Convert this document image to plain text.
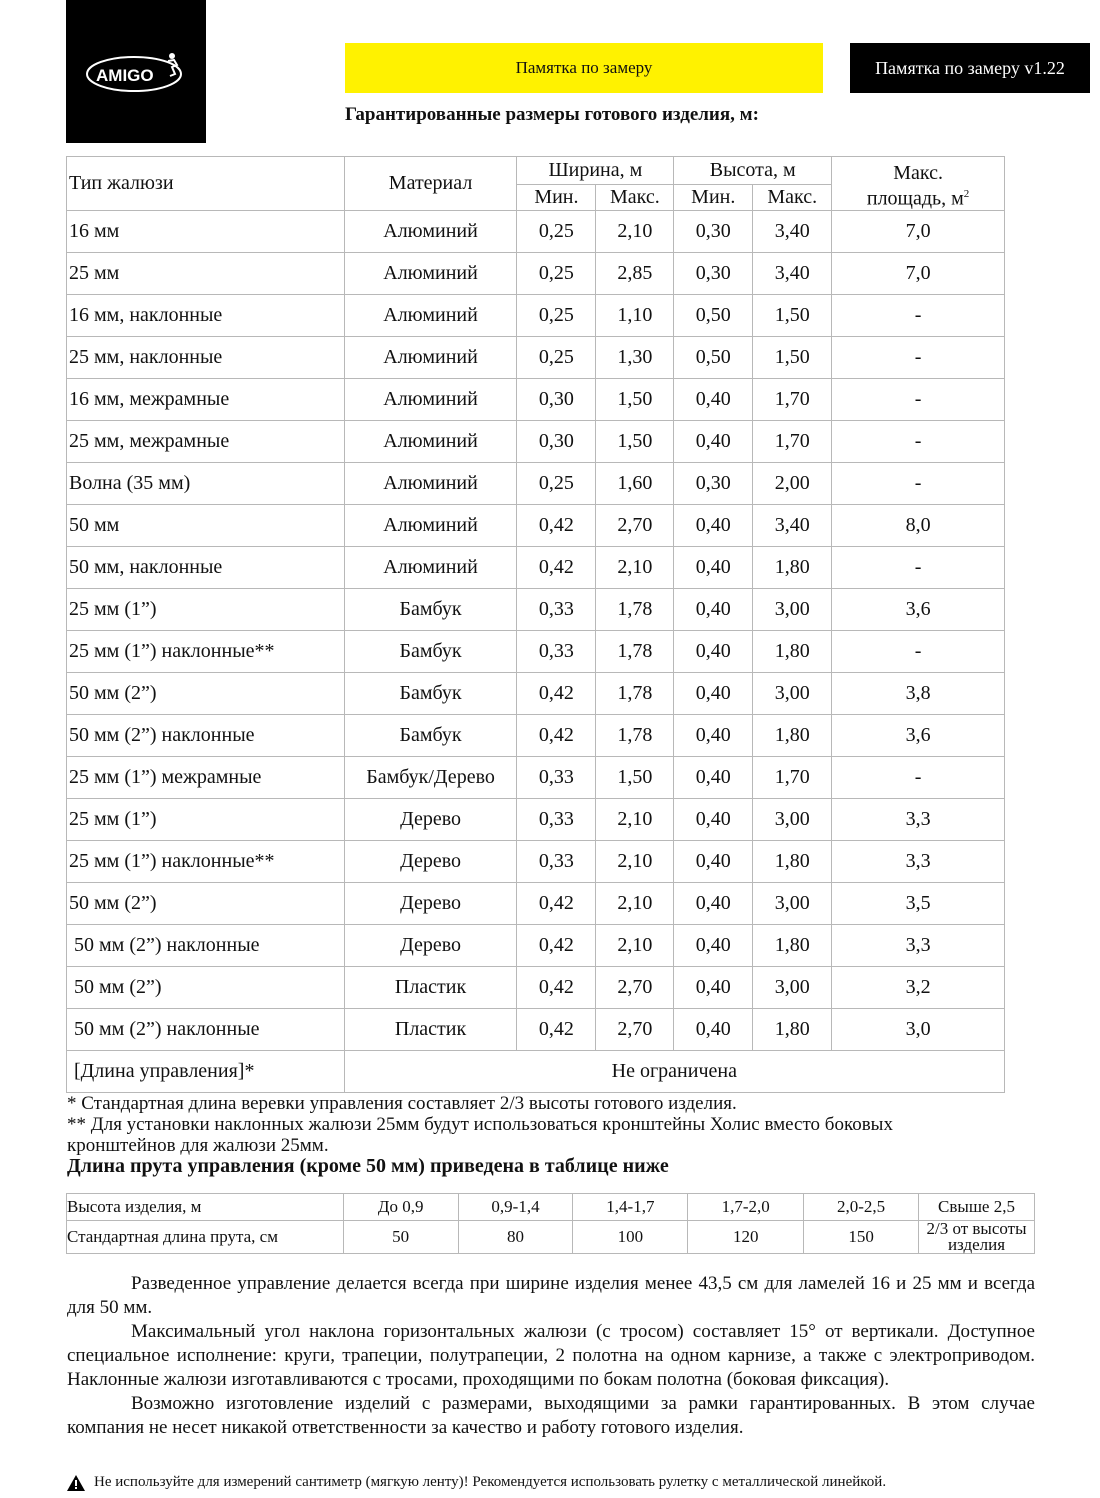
AMIGO	Памятка по замеру	Памятка по замеру v1.22
Гарантированные размеры готового изделия, м:
Тип жалюзи	Материал	Ширина, м		Высота, м		Макс.
площадь, $м^2$
		Мин.	Макс.	Мин.	Макс.	
16 мм	Алюминий	0,25	2,10	0,30	3,40	7,0
25 мм	Алюминий	0,25	2,85	0,30	3,40	7,0
16 мм, наклонные	Алюминий	0,25	1,10	0,50	1,50	-
25 мм, наклонные	Алюминий	0,25	1,30	0,50	1,50	-
16 мм, межрамные	Алюминий	0,30	1,50	0,40	1,70	-
25 мм, межрамные	Алюминий	0,30	1,50	0,40	1,70	-
Волна (35 мм)	Алюминий	0,25	1,60	0,30	2,00	-
50 мм	Алюминий	0,42	2,70	0,40	3,40	8,0
50 мм, наклонные	Алюминий	0,42	2,10	0,40	1,80	-
25 мм (1”)	Бамбук	0,33	1,78	0,40	3,00	3,6
25 мм (1”) наклонные**	Бамбук	0,33	1,78	0,40	1,80	-
50 мм (2”)	Бамбук	0,42	1,78	0,40	3,00	3,8
50 мм (2”) наклонные	Бамбук	0,42	1,78	0,40	1,80	3,6
25 мм (1”) межрамные	Бамбук/Дерево	0,33	1,50	0,40	1,70	-
25 мм (1”)	Дерево	0,33	2,10	0,40	3,00	3,3
25 мм (1”) наклонные**	Дерево	0,33	2,10	0,40	1,80	3,3
50 мм (2”)	Дерево	0,42	2,10	0,40	3,00	3,5
50 мм (2”) наклонные	Дерево	0,42	2,10	0,40	1,80	3,3
50 мм (2”)	Пластик	0,42	2,70	0,40	3,00	3,2
50 мм (2”) наклонные	Пластик	0,42	2,70	0,40	1,80	3,0
[Длина управления]*	Не ограничена					

* Стандартная длина веревки управления составляет 2/3 высоты готового изделия.

** Для установки наклонных жалюзи 25мм будут использоваться кронштейны Холис вместо боковых кронштейнов для жалюзи 25мм.

Длина прута управления (кроме 50 мм) приведена в таблице ниже

Высота изделия, м	До 0,9	0,9-1,4	1,4-1,7	1,7-2,0	2,0-2,5	Свыше 2,5
Стандартная длина прута, см	50	80	100	120	150	2/3 от высоты изделия

Разведенное управление делается всегда при ширине изделия менее 43,5 см для ламелей 16 и 25 мм и всегда для 50 мм.

Максимальный угол наклона горизонтальных жалюзи (с тросом) составляет 15° от вертикали. Доступное специальное исполнение: круги, трапеции, полутрапеции, 2 полотна на одном карнизе, а также с электроприводом. Наклонные жалюзи изготавливаются с тросами, проходящими по бокам полотна (боковая фиксация).

Возможно изготовление изделий с размерами, выходящими за рамки гарантированных. В этом случае компания не несет никакой ответственности за качество и работу готового изделия.

Не используйте для измерений сантиметр (мягкую ленту)! Рекомендуется использовать рулетку с металлической линейкой.
